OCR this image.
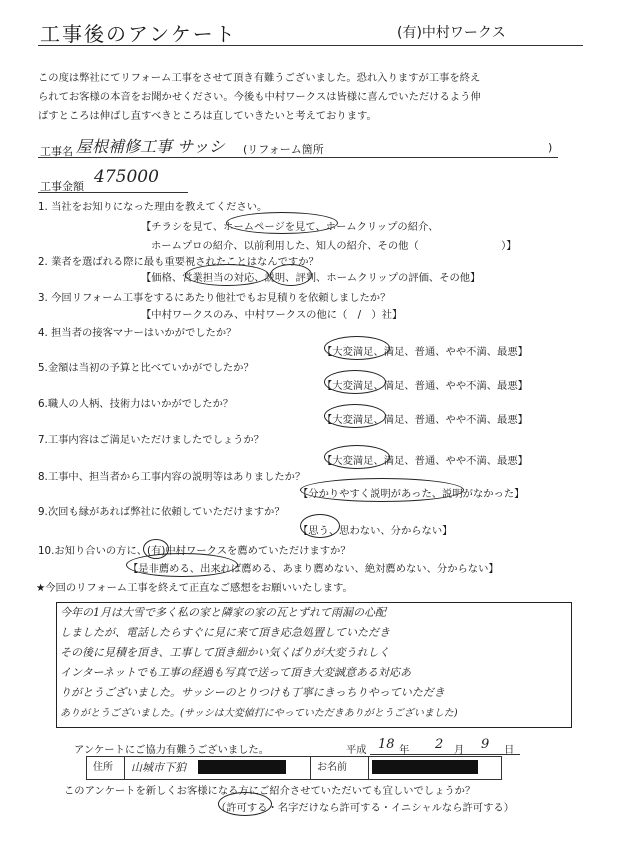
工事後のアンケート	(有)中村ワークス
この度は弊社にてリフォーム工事をさせて頂き有難うございました。恐れ入りますが工事を終え
られてお客様の本音をお聞かせください。今後も中村ワークスは皆様に喜んでいただけるよう伸
ばすところは伸ばし直すべきところは直していきたいと考えております。
工事名 屋根補修工事 サッシ (リフォーム箇所	)
工事金額 475000
1. 当社をお知りになった理由を教えてください。
【チラシを見て、ホームページを見て、ホームクリップの紹介、
ホームプロの紹介、以前利用した、知人の紹介、その他（　　　　　　　　）】
2. 業者を選ばれる際に最も重要視されたことはなんですか？
【価格、営業担当の対応、説明、評判、ホームクリップの評価、その他】
3. 今回リフォーム工事をするにあたり他社でもお見積りを依頼しましたか？
【中村ワークスのみ、中村ワークスの他に（　/　）社】
4. 担当者の接客マナーはいかがでしたか？
【大変満足、満足、普通、やや不満、最悪】
5.金額は当初の予算と比べていかがでしたか？
【大変満足、満足、普通、やや不満、最悪】
6.職人の人柄、技術力はいかがでしたか？
【大変満足、満足、普通、やや不満、最悪】
7.工事内容はご満足いただけましたでしょうか？
【大変満足、満足、普通、やや不満、最悪】
8.工事中、担当者から工事内容の説明等はありましたか？
【分かりやすく説明があった、説明がなかった】
9.次回も縁があれば弊社に依頼していただけますか？
【思う、思わない、分からない】
10.お知り合いの方に、(有)中村ワークスを薦めていただけますか？
【是非薦める、出来れば薦める、あまり薦めない、絶対薦めない、分からない】
★今回のリフォーム工事を終えて正直なご感想をお願いいたします。
今年の1月は大雪で多く私の家と隣家の家の瓦とずれて雨漏の心配
しましたが、電話したらすぐに見に来て頂き応急処置していただき
その後に見積を頂き、工事して頂き細かい気くばりが大変うれしく
インターネットでも工事の経過も写真で送って頂き大変誠意ある対応あ
りがとうございました。サッシーのとりつけも丁寧にきっちりやっていただき
ありがとうございました。(サッシは大変値打にやっていただきありがとうございました)
アンケートにご協力有難うございました。	平成 18 年 2 月 9 日
住所	山城市下狛	お名前
このアンケートを新しくお客様になる方にご紹介させていただいても宜しいでしょうか？
（許可する・名字だけなら許可する・イニシャルなら許可する）
